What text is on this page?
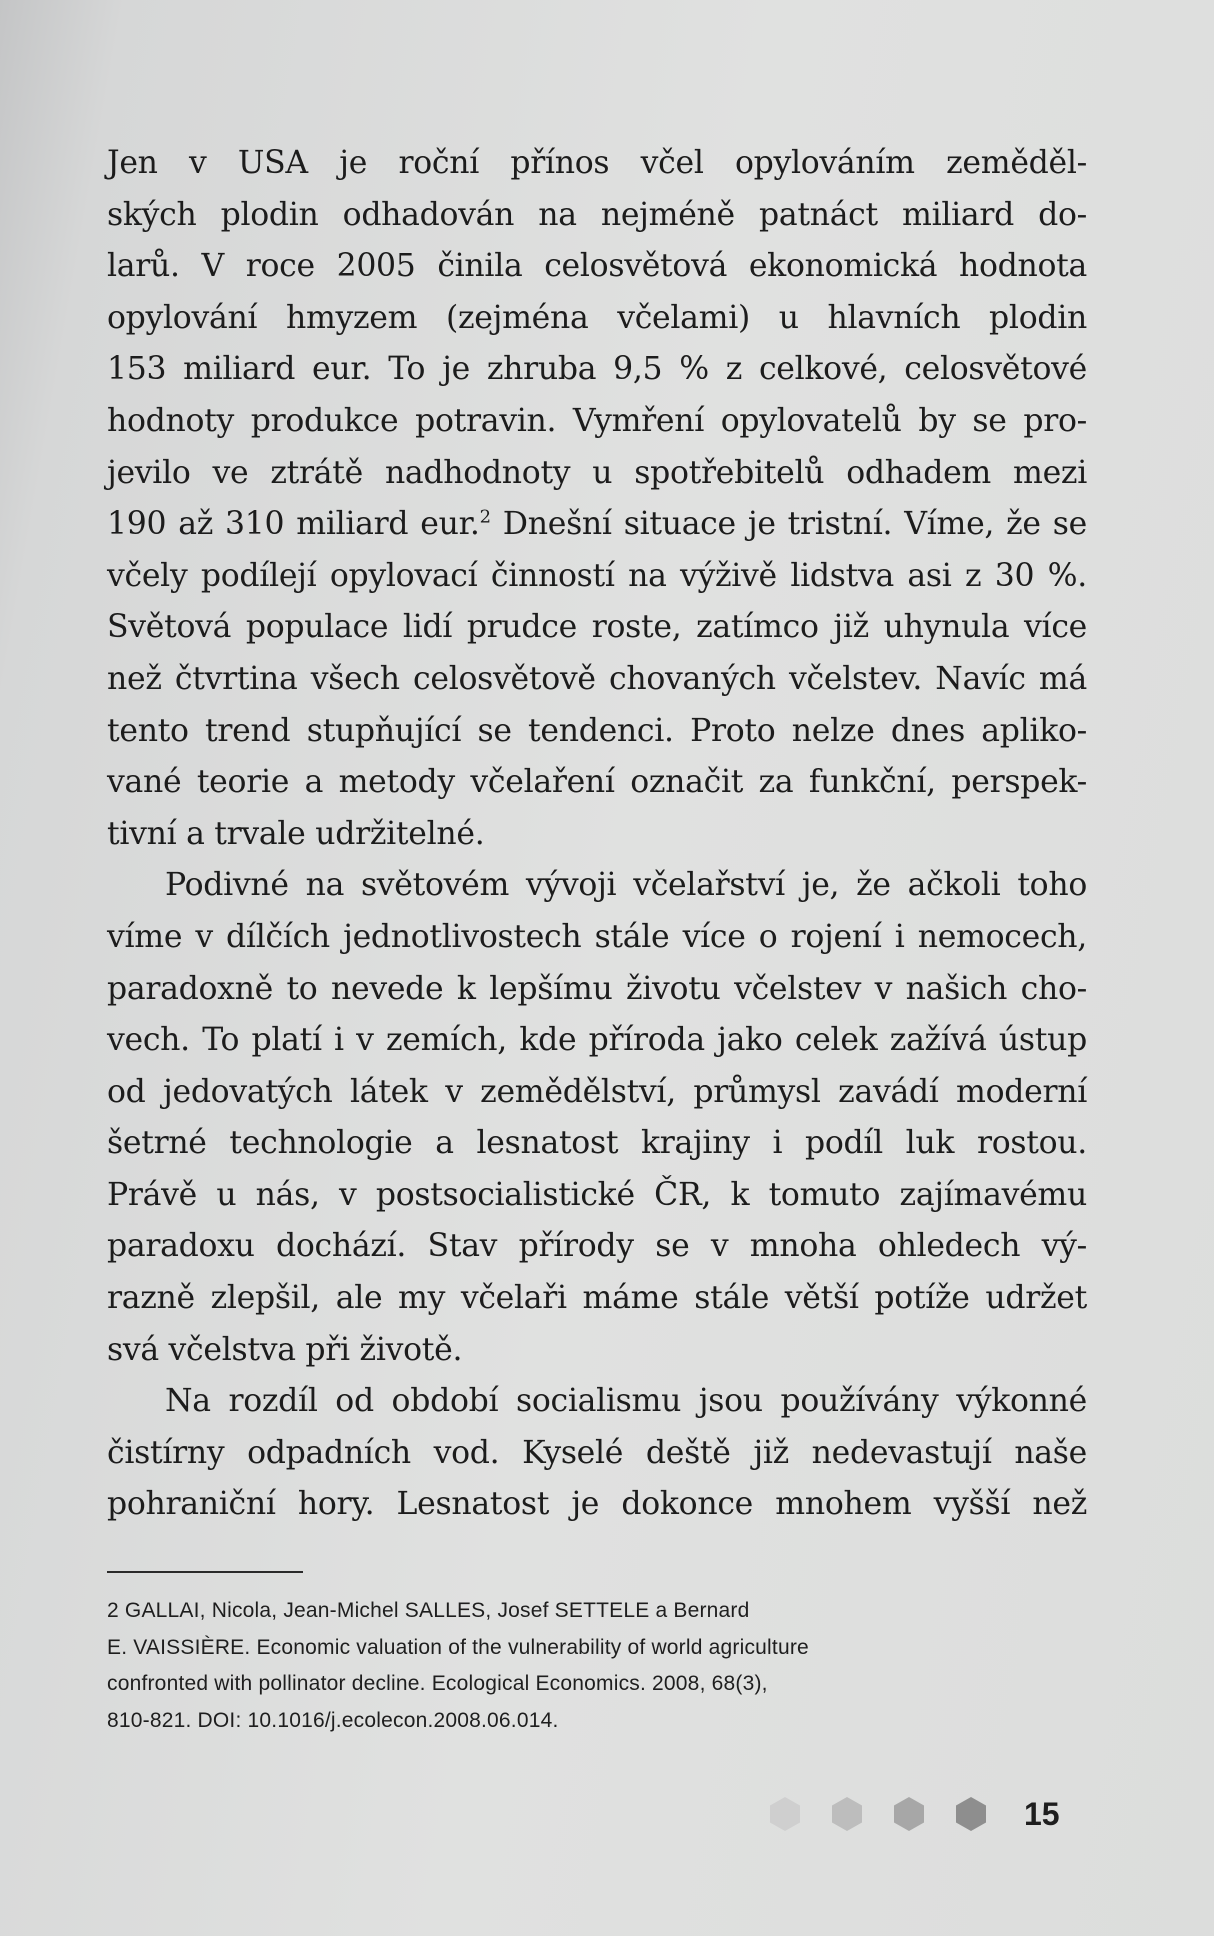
Jen v USA je roční přínos včel opylováním zeměděl-
ských plodin odhadován na nejméně patnáct miliard do-
larů. V roce 2005 činila celosvětová ekonomická hodnota
opylování hmyzem (zejména včelami) u hlavních plodin
153 miliard eur. To je zhruba 9,5 % z celkové, celosvětové
hodnoty produkce potravin. Vymření opylovatelů by se pro-
jevilo ve ztrátě nadhodnoty u spotřebitelů odhadem mezi
190 až 310 miliard eur.$^2$ Dnešní situace je tristní. Víme, že se
včely podílejí opylovací činností na výživě lidstva asi z 30 %.
Světová populace lidí prudce roste, zatímco již uhynula více
než čtvrtina všech celosvětově chovaných včelstev. Navíc má
tento trend stupňující se tendenci. Proto nelze dnes apliko-
vané teorie a metody včelaření označit za funkční, perspek-
tivní a trvale udržitelné.
Podivné na světovém vývoji včelařství je, že ačkoli toho
víme v dílčích jednotlivostech stále více o rojení i nemocech,
paradoxně to nevede k lepšímu životu včelstev v našich cho-
vech. To platí i v zemích, kde příroda jako celek zažívá ústup
od jedovatých látek v zemědělství, průmysl zavádí moderní
šetrné technologie a lesnatost krajiny i podíl luk rostou.
Právě u nás, v postsocialistické ČR, k tomuto zajímavému
paradoxu dochází. Stav přírody se v mnoha ohledech vý-
razně zlepšil, ale my včelaři máme stále větší potíže udržet
svá včelstva při životě.
Na rozdíl od období socialismu jsou používány výkonné
čistírny odpadních vod. Kyselé deště již nedevastují naše
pohraniční hory. Lesnatost je dokonce mnohem vyšší než
2 GALLAI, Nicola, Jean-Michel SALLES, Josef SETTELE a Bernard
E. VAISSIÈRE. Economic valuation of the vulnerability of world agriculture
confronted with pollinator decline. Ecological Economics. 2008, 68(3),
810-821. DOI: 10.1016/j.ecolecon.2008.06.014.
15
